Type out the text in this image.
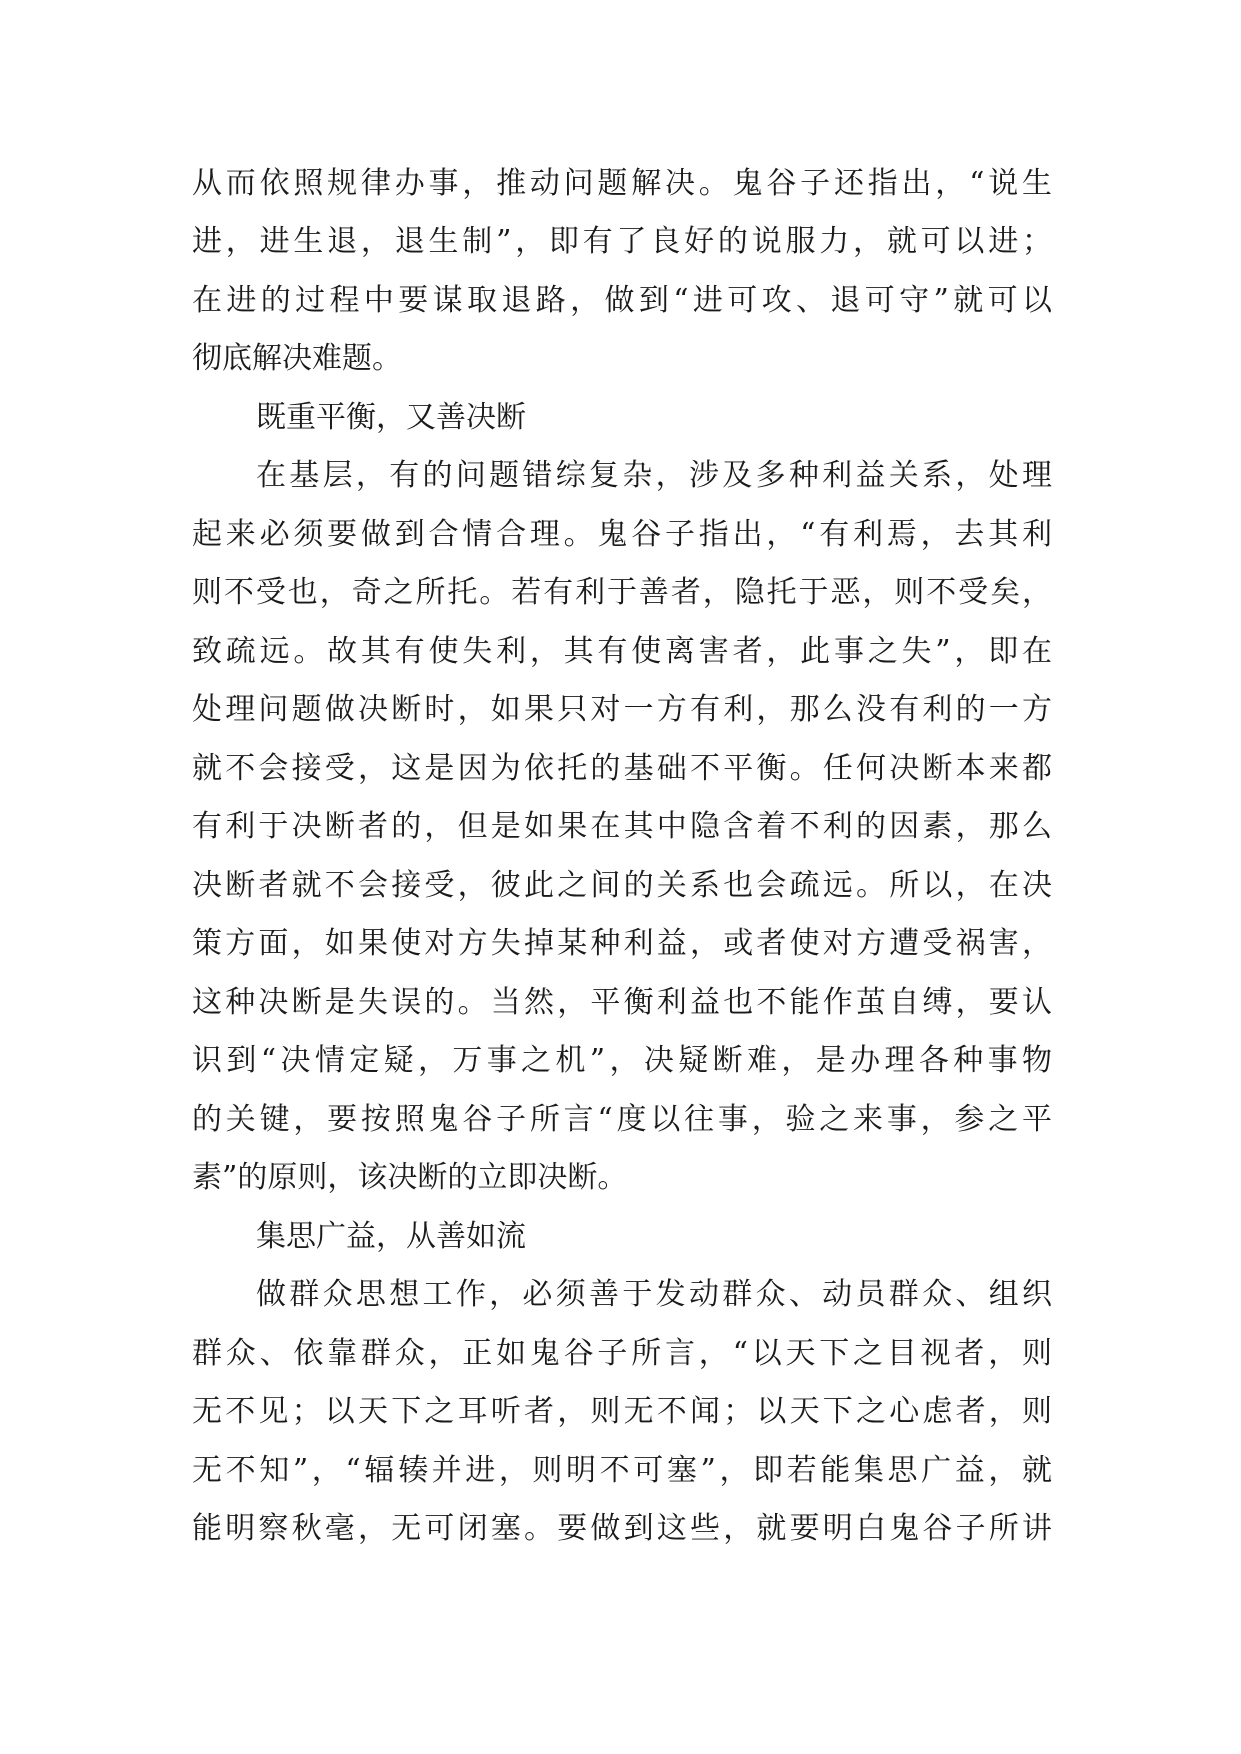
从而依照规律办事，推动问题解决。鬼谷子还指出，“说生
进，进生退，退生制”，即有了良好的说服力，就可以进；
在进的过程中要谋取退路，做到“进可攻、退可守”就可以
彻底解决难题。
既重平衡，又善决断
在基层，有的问题错综复杂，涉及多种利益关系，处理
起来必须要做到合情合理。鬼谷子指出，“有利焉，去其利
则不受也，奇之所托。若有利于善者，隐托于恶，则不受矣，
致疏远。故其有使失利，其有使离害者，此事之失”，即在
处理问题做决断时，如果只对一方有利，那么没有利的一方
就不会接受，这是因为依托的基础不平衡。任何决断本来都
有利于决断者的，但是如果在其中隐含着不利的因素，那么
决断者就不会接受，彼此之间的关系也会疏远。所以，在决
策方面，如果使对方失掉某种利益，或者使对方遭受祸害，
这种决断是失误的。当然，平衡利益也不能作茧自缚，要认
识到“决情定疑，万事之机”，决疑断难，是办理各种事物
的关键，要按照鬼谷子所言“度以往事，验之来事，参之平
素”的原则，该决断的立即决断。
集思广益，从善如流
做群众思想工作，必须善于发动群众、动员群众、组织
群众、依靠群众，正如鬼谷子所言，“以天下之目视者，则
无不见；以天下之耳听者，则无不闻；以天下之心虑者，则
无不知”，“辐辏并进，则明不可塞”，即若能集思广益，就
能明察秋毫，无可闭塞。要做到这些，就要明白鬼谷子所讲
